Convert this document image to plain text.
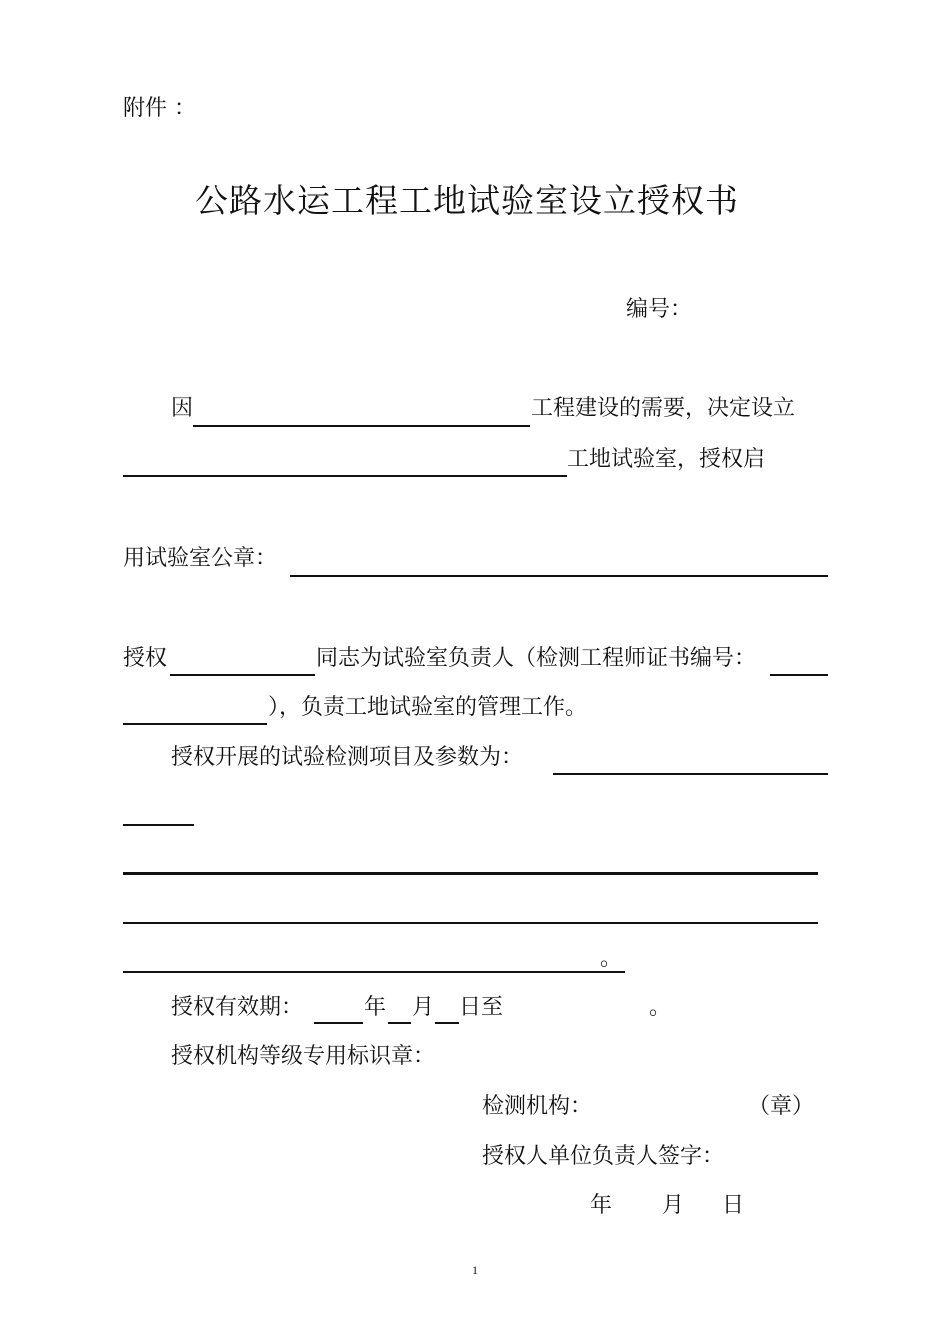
附件 ：
公路水运工程工地试验室设立授权书
编号：
因	工程建设的需要，决定设立
工地试验室，授权启
用试验室公章：
授权	同志为试验室负责人（检测工程师证书编号：
），负责工地试验室的管理工作。
授权开展的试验检测项目及参数为：
。
授权有效期：	年 月 日至	。
授权机构等级专用标识章：
检测机构：	（章）
授权人单位负责人签字：
年 月 日
1
